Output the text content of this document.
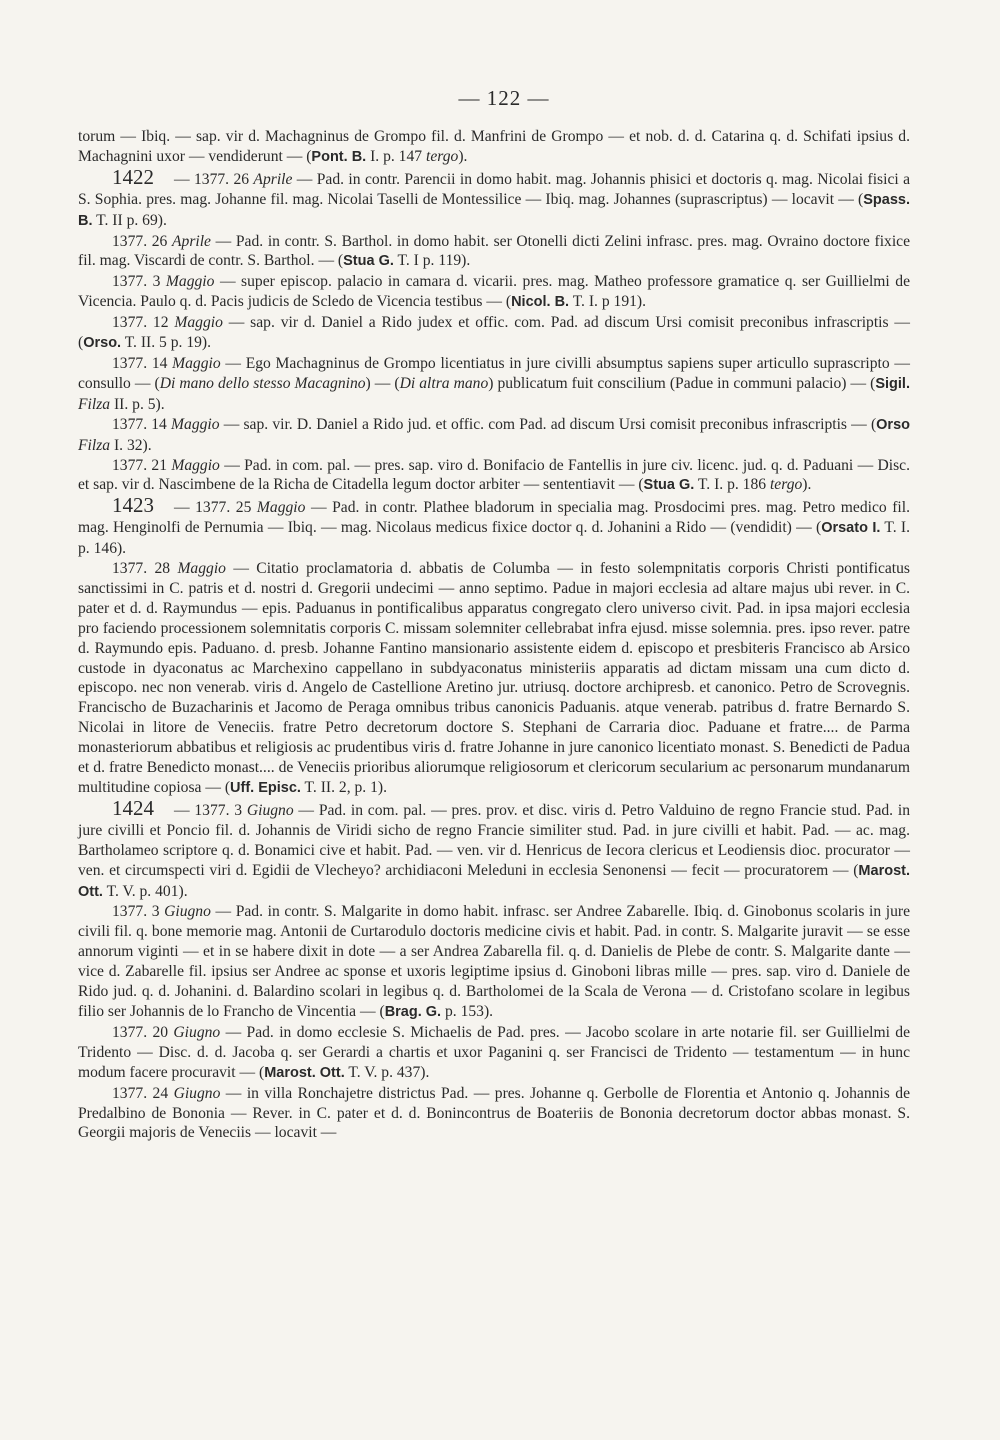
— 122 —

torum — Ibiq. — sap. vir d. Machagninus de Grompo fil. d. Manfrini de Grompo — et nob. d. d. Catarina q. d. Schifati ipsius d. Machagnini uxor — vendiderunt — (Pont. B. I. p. 147 tergo).

1422 — 1377. 26 Aprile — Pad. in contr. Parencii in domo habit. mag. Johannis phisici et doctoris q. mag. Nicolai fisici a S. Sophia. pres. mag. Johanne fil. mag. Nicolai Taselli de Montessilice — Ibiq. mag. Johannes (suprascriptus) — locavit — (Spass. B. T. II p. 69).

1377. 26 Aprile — Pad. in contr. S. Barthol. in domo habit. ser Otonelli dicti Zelini infrasc. pres. mag. Ovraino doctore fixice fil. mag. Viscardi de contr. S. Barthol. — (Stua G. T. I p. 119).

1377. 3 Maggio — super episcop. palacio in camara d. vicarii. pres. mag. Matheo professore gramatice q. ser Guillielmi de Vicencia. Paulo q. d. Pacis judicis de Scledo de Vicencia testibus — (Nicol. B. T. I. p 191).

1377. 12 Maggio — sap. vir d. Daniel a Rido judex et offic. com. Pad. ad discum Ursi comisit preconibus infrascriptis — (Orso. T. II. 5 p. 19).

1377. 14 Maggio — Ego Machagninus de Grompo licentiatus in jure civilli absumptus sapiens super articullo suprascripto — consullo — (Di mano dello stesso Macagnino) — (Di altra mano) publicatum fuit conscilium (Padue in communi palacio) — (Sigil. Filza II. p. 5).

1377. 14 Maggio — sap. vir. D. Daniel a Rido jud. et offic. com Pad. ad discum Ursi comisit preconibus infrascriptis — (Orso Filza I. 32).

1377. 21 Maggio — Pad. in com. pal. — pres. sap. viro d. Bonifacio de Fantellis in jure civ. licenc. jud. q. d. Paduani — Disc. et sap. vir d. Nascimbene de la Richa de Citadella legum doctor arbiter — sententiavit — (Stua G. T. I. p. 186 tergo).

1423 — 1377. 25 Maggio — Pad. in contr. Plathee bladorum in specialia mag. Prosdocimi pres. mag. Petro medico fil. mag. Henginolfi de Pernumia — Ibiq. — mag. Nicolaus medicus fixice doctor q. d. Johanini a Rido — (vendidit) — (Orsato I. T. I. p. 146).

1377. 28 Maggio — Citatio proclamatoria d. abbatis de Columba — in festo solempnitatis corporis Christi pontificatus sanctissimi in C. patris et d. nostri d. Gregorii undecimi — anno septimo. Padue in majori ecclesia ad altare majus ubi rever. in C. pater et d. d. Raymundus — epis. Paduanus in pontificalibus apparatus congregato clero universo civit. Pad. in ipsa majori ecclesia pro faciendo processionem solemnitatis corporis C. missam solemniter cellebrabat infra ejusd. misse solemnia. pres. ipso rever. patre d. Raymundo epis. Paduano. d. presb. Johanne Fantino mansionario assistente eidem d. episcopo et presbiteris Francisco ab Arsico custode in dyaconatus ac Marchexino cappellano in subdyaconatus ministeriis apparatis ad dictam missam una cum dicto d. episcopo. nec non venerab. viris d. Angelo de Castellione Aretino jur. utriusq. doctore archipresb. et canonico. Petro de Scrovegnis. Francischo de Buzacharinis et Jacomo de Peraga omnibus tribus canonicis Paduanis. atque venerab. patribus d. fratre Bernardo S. Nicolai in litore de Veneciis. fratre Petro decretorum doctore S. Stephani de Carraria dioc. Paduane et fratre.... de Parma monasteriorum abbatibus et religiosis ac prudentibus viris d. fratre Johanne in jure canonico licentiato monast. S. Benedicti de Padua et d. fratre Benedicto monast.... de Veneciis prioribus aliorumque religiosorum et clericorum secularium ac personarum mundanarum multitudine copiosa — (Uff. Episc. T. II. 2, p. 1).

1424 — 1377. 3 Giugno — Pad. in com. pal. — pres. prov. et disc. viris d. Petro Valduino de regno Francie stud. Pad. in jure civilli et Poncio fil. d. Johannis de Viridi sicho de regno Francie similiter stud. Pad. in jure civilli et habit. Pad. — ac. mag. Bartholameo scriptore q. d. Bonamici cive et habit. Pad. — ven. vir d. Henricus de Iecora clericus et Leodiensis dioc. procurator — ven. et circumspecti viri d. Egidii de Vlecheyo? archidiaconi Meleduni in ecclesia Senonensi — fecit — procuratorem — (Marost. Ott. T. V. p. 401).

1377. 3 Giugno — Pad. in contr. S. Malgarite in domo habit. infrasc. ser Andree Zabarelle. Ibiq. d. Ginobonus scolaris in jure civili fil. q. bone memorie mag. Antonii de Curtarodulo doctoris medicine civis et habit. Pad. in contr. S. Malgarite juravit — se esse annorum viginti — et in se habere dixit in dote — a ser Andrea Zabarella fil. q. d. Danielis de Plebe de contr. S. Malgarite dante — vice d. Zabarelle fil. ipsius ser Andree ac sponse et uxoris legiptime ipsius d. Ginoboni libras mille — pres. sap. viro d. Daniele de Rido jud. q. d. Johanini. d. Balardino scolari in legibus q. d. Bartholomei de la Scala de Verona — d. Cristofano scolare in legibus filio ser Johannis de lo Francho de Vincentia — (Brag. G. p. 153).

1377. 20 Giugno — Pad. in domo ecclesie S. Michaelis de Pad. pres. — Jacobo scolare in arte notarie fil. ser Guillielmi de Tridento — Disc. d. d. Jacoba q. ser Gerardi a chartis et uxor Paganini q. ser Francisci de Tridento — testamentum — in hunc modum facere procuravit — (Marost. Ott. T. V. p. 437).

1377. 24 Giugno — in villa Ronchajetre districtus Pad. — pres. Johanne q. Gerbolle de Florentia et Antonio q. Johannis de Predalbino de Bononia — Rever. in C. pater et d. d. Bonincontrus de Boateriis de Bononia decretorum doctor abbas monast. S. Georgii majoris de Veneciis — locavit —
